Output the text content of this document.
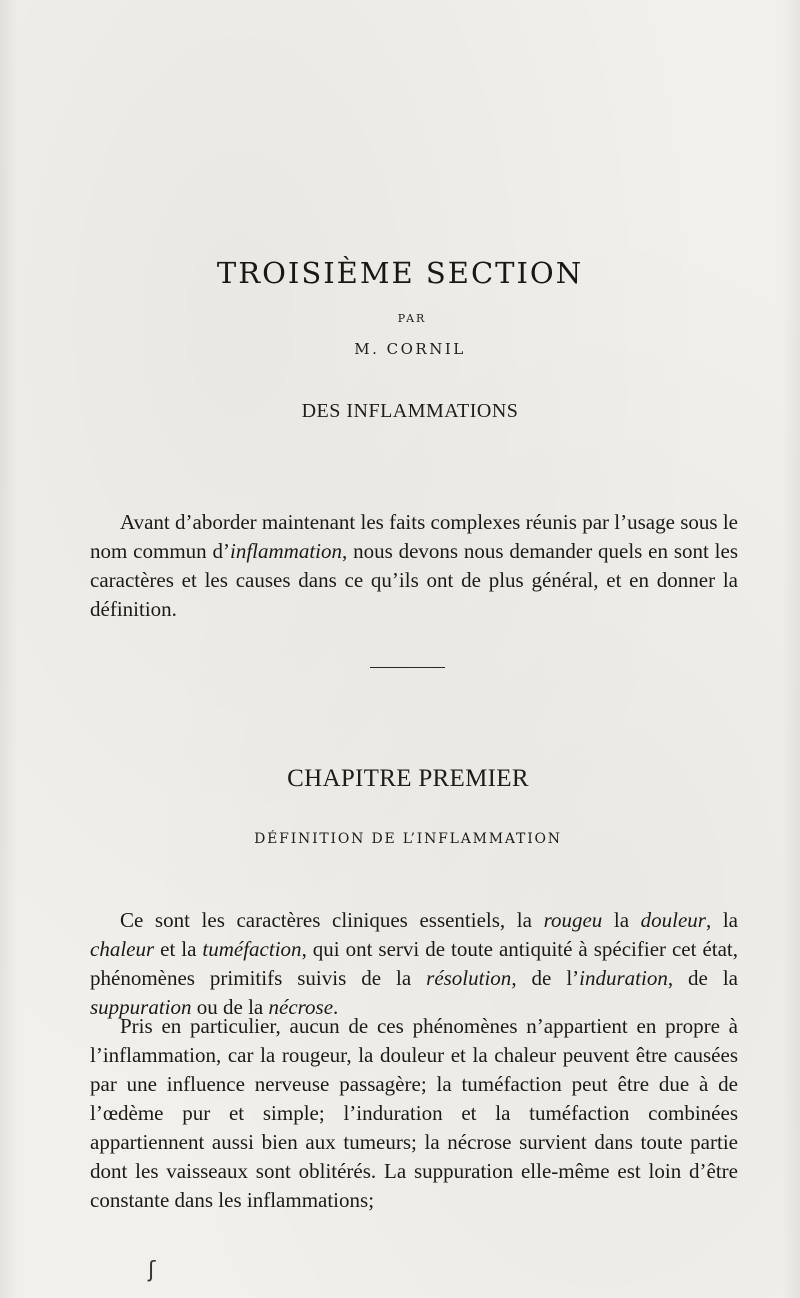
TROISIÈME SECTION
PAR
M. CORNIL
DES INFLAMMATIONS

Avant d’aborder maintenant les faits complexes réunis par l’usage sous le nom commun d’inflammation, nous devons nous demander quels en sont les caractères et les causes dans ce qu’ils ont de plus général, et en donner la définition.

CHAPITRE PREMIER
DÉFINITION DE L’INFLAMMATION

Ce sont les caractères cliniques essentiels, la rougeu la douleur, la chaleur et la tuméfaction, qui ont servi de toute antiquité à spécifier cet état, phénomènes primitifs suivis de la résolution, de l’induration, de la suppuration ou de la nécrose.

Pris en particulier, aucun de ces phénomènes n’appartient en propre à l’inflammation, car la rougeur, la douleur et la chaleur peuvent être causées par une influence nerveuse passagère; la tuméfaction peut être due à de l’œdème pur et simple; l’induration et la tuméfaction combinées appartiennent aussi bien aux tumeurs; la nécrose survient dans toute partie dont les vaisseaux sont oblitérés. La suppuration elle-même est loin d’être constante dans les inflammations;

ʃ
